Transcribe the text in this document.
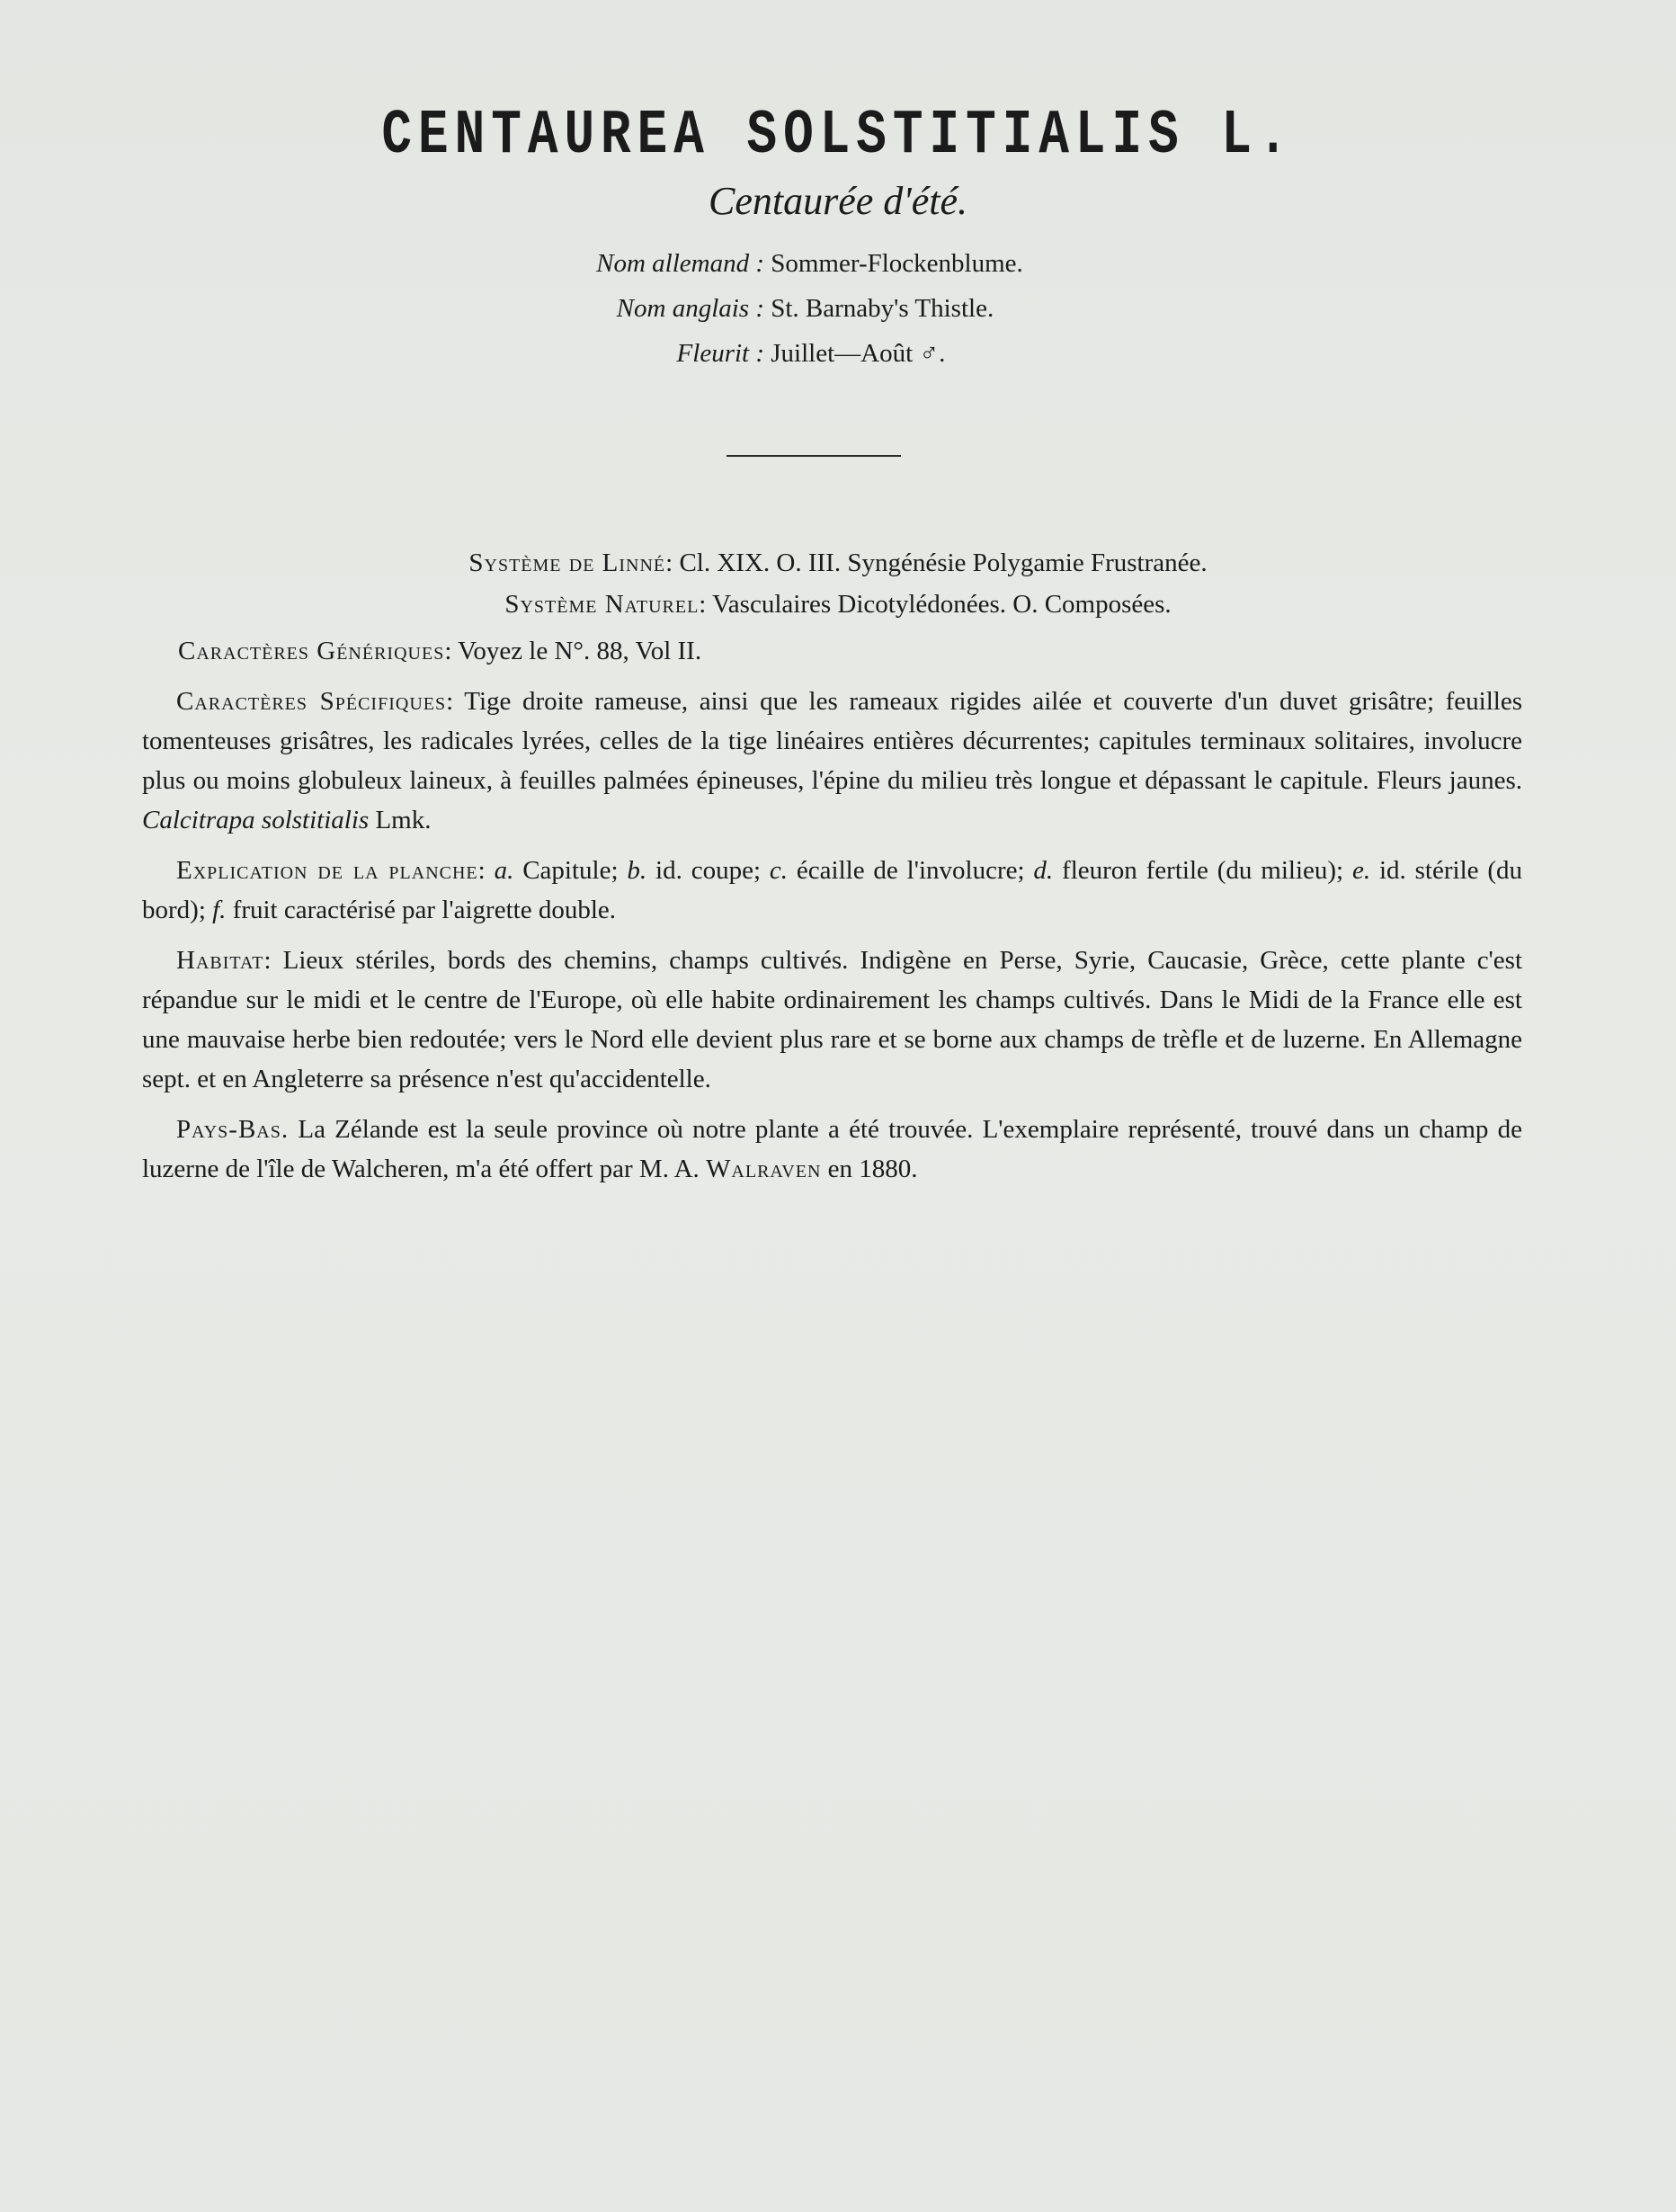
CENTAUREA SOLSTITIALIS L.
Centaurée d'été.
Nom allemand : Sommer-Flockenblume.
Nom anglais : St. Barnaby's Thistle.
Fleurit : Juillet—Août ♂.
Système de Linné: Cl. XIX. O. III. Syngénésie Polygamie Frustranée.
Système Naturel: Vasculaires Dicotylédonées. O. Composées.

Caractères Génériques: Voyez le N°. 88, Vol II.

Caractères Spécifiques: Tige droite rameuse, ainsi que les rameaux rigides ailée et couverte d'un duvet grisâtre; feuilles tomenteuses grisâtres, les radicales lyrées, celles de la tige linéaires entières décurrentes; capitules terminaux solitaires, involucre plus ou moins globuleux laineux, à feuilles palmées épineuses, l'épine du milieu très longue et dépassant le capitule. Fleurs jaunes. Calcitrapa solstitialis Lmk.

Explication de la planche: a. Capitule; b. id. coupe; c. écaille de l'involucre; d. fleuron fertile (du milieu); e. id. stérile (du bord); f. fruit caractérisé par l'aigrette double.

Habitat: Lieux stériles, bords des chemins, champs cultivés. Indigène en Perse, Syrie, Caucasie, Grèce, cette plante c'est répandue sur le midi et le centre de l'Europe, où elle habite ordinairement les champs cultivés. Dans le Midi de la France elle est une mauvaise herbe bien redoutée; vers le Nord elle devient plus rare et se borne aux champs de trèfle et de luzerne. En Allemagne sept. et en Angleterre sa présence n'est qu'accidentelle.

Pays-Bas. La Zélande est la seule province où notre plante a été trouvée. L'exemplaire représenté, trouvé dans un champ de luzerne de l'île de Walcheren, m'a été offert par M. A. Walraven en 1880.
